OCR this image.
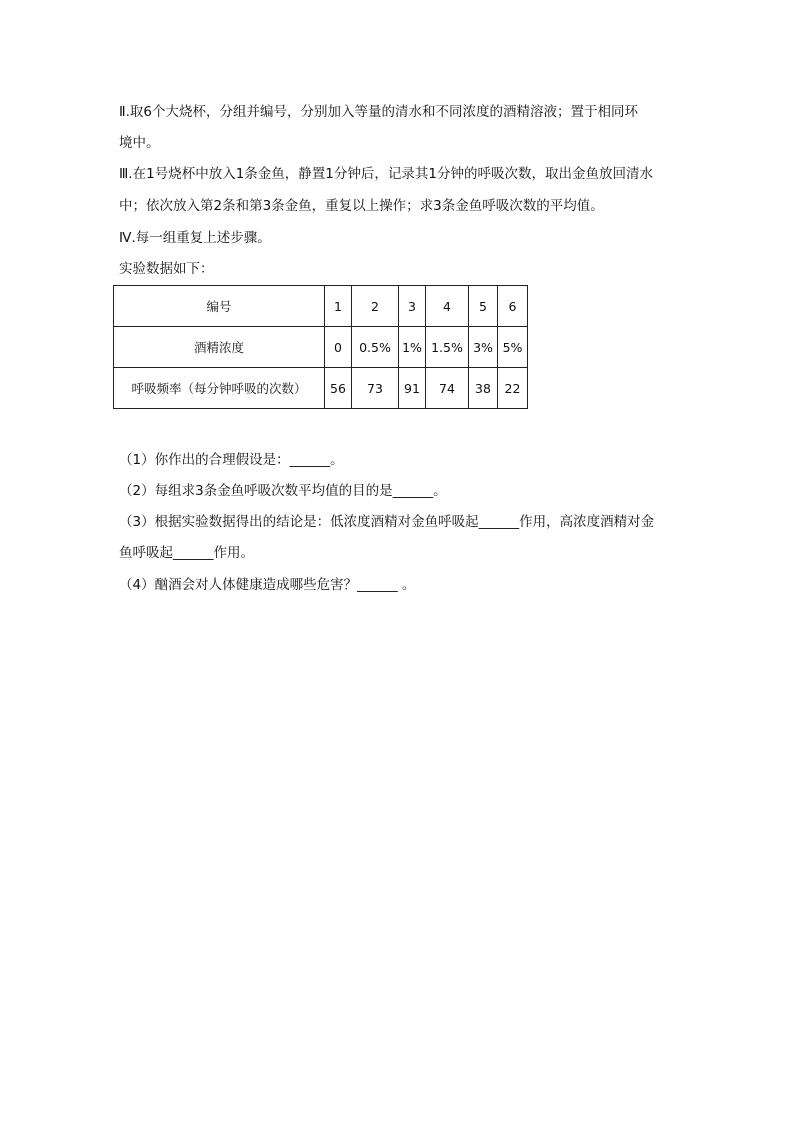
Ⅱ.取6个大烧杯，分组并编号，分别加入等量的清水和不同浓度的酒精溶液；置于相同环
境中。
Ⅲ.在1号烧杯中放入1条金鱼，静置1分钟后，记录其1分钟的呼吸次数，取出金鱼放回清水
中；依次放入第2条和第3条金鱼，重复以上操作；求3条金鱼呼吸次数的平均值。
Ⅳ.每一组重复上述步骤。
实验数据如下：
编号	1	2	3	4	5	6
酒精浓度	0	0.5%	1%	1.5%	3%	5%
呼吸频率（每分钟呼吸的次数）	56	73	91	74	38	22
（1）你作出的合理假设是：______。
（2）每组求3条金鱼呼吸次数平均值的目的是______。
（3）根据实验数据得出的结论是：低浓度酒精对金鱼呼吸起______作用，高浓度酒精对金
鱼呼吸起______作用。
（4）酗酒会对人体健康造成哪些危害？______ 。
